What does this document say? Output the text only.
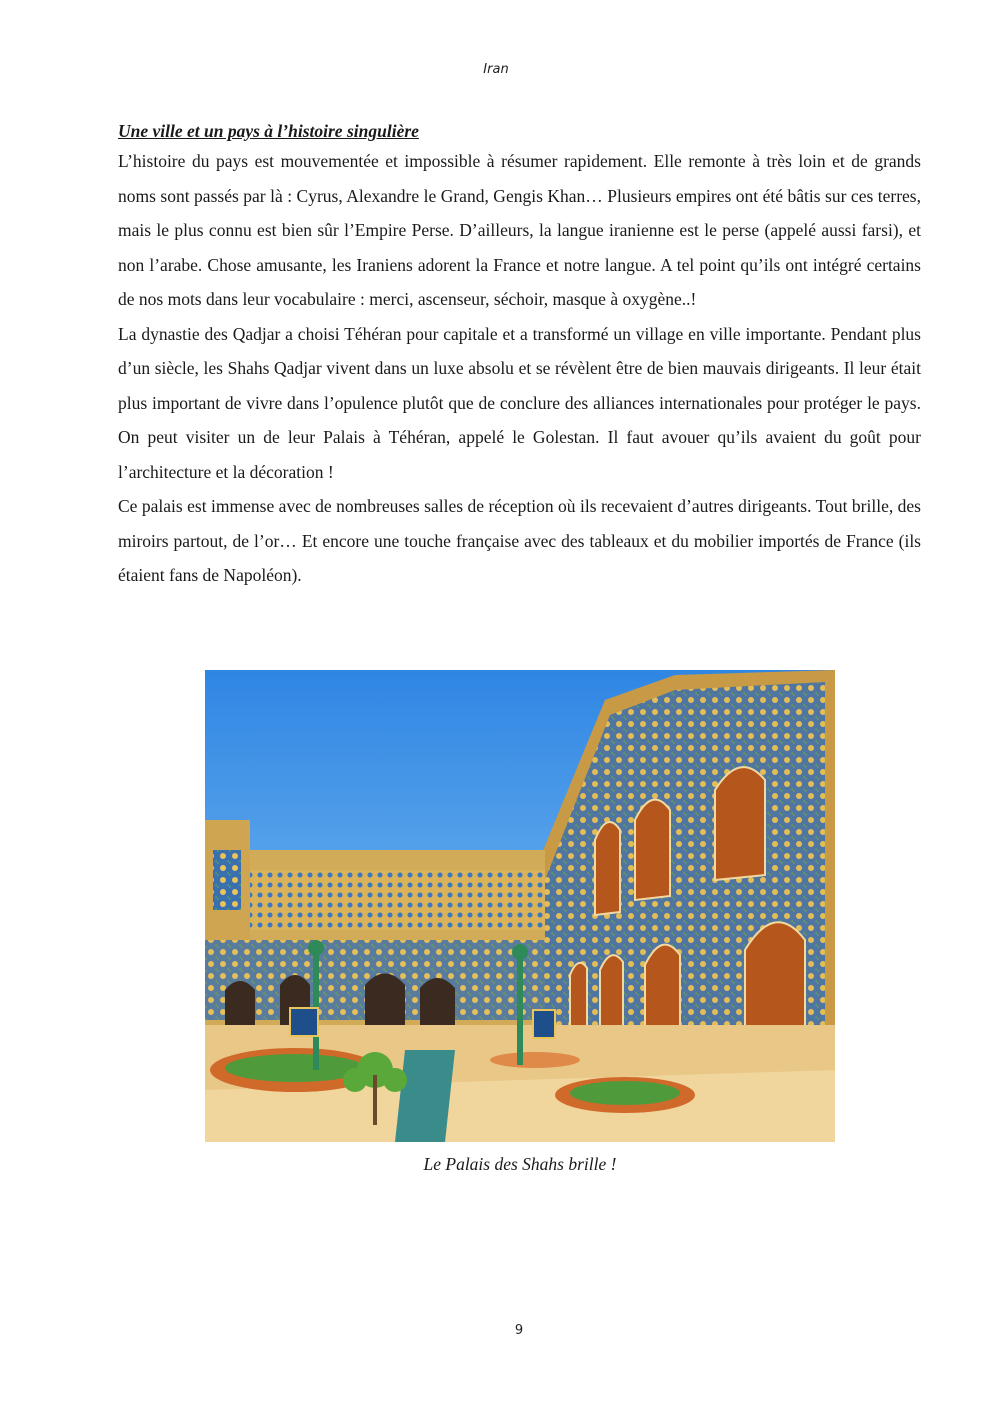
Iran

Une ville et un pays à l’histoire singulière

L’histoire du pays est mouvementée et impossible à résumer rapidement. Elle remonte à très loin et de grands noms sont passés par là : Cyrus, Alexandre le Grand, Gengis Khan… Plusieurs empires ont été bâtis sur ces terres, mais le plus connu est bien sûr l’Empire Perse. D’ailleurs, la langue iranienne est le perse (appelé aussi farsi), et non l’arabe. Chose amusante, les Iraniens adorent la France et notre langue. A tel point qu’ils ont intégré certains de nos mots dans leur vocabulaire : merci, ascenseur, séchoir, masque à oxygène..!

La dynastie des Qadjar a choisi Téhéran pour capitale et a transformé un village en ville importante. Pendant plus d’un siècle, les Shahs Qadjar vivent dans un luxe absolu et se révèlent être de bien mauvais dirigeants. Il leur était plus important de vivre dans l’opulence plutôt que de conclure des alliances internationales pour protéger le pays. On peut visiter un de leur Palais à Téhéran, appelé le Golestan. Il faut avouer qu’ils avaient du goût pour l’architecture et la décoration !

Ce palais est immense avec de nombreuses salles de réception où ils recevaient d’autres dirigeants. Tout brille, des miroirs partout, de l’or… Et encore une touche française avec des tableaux et du mobilier importés de France (ils étaient fans de Napoléon).

Le Palais des Shahs brille !
9
